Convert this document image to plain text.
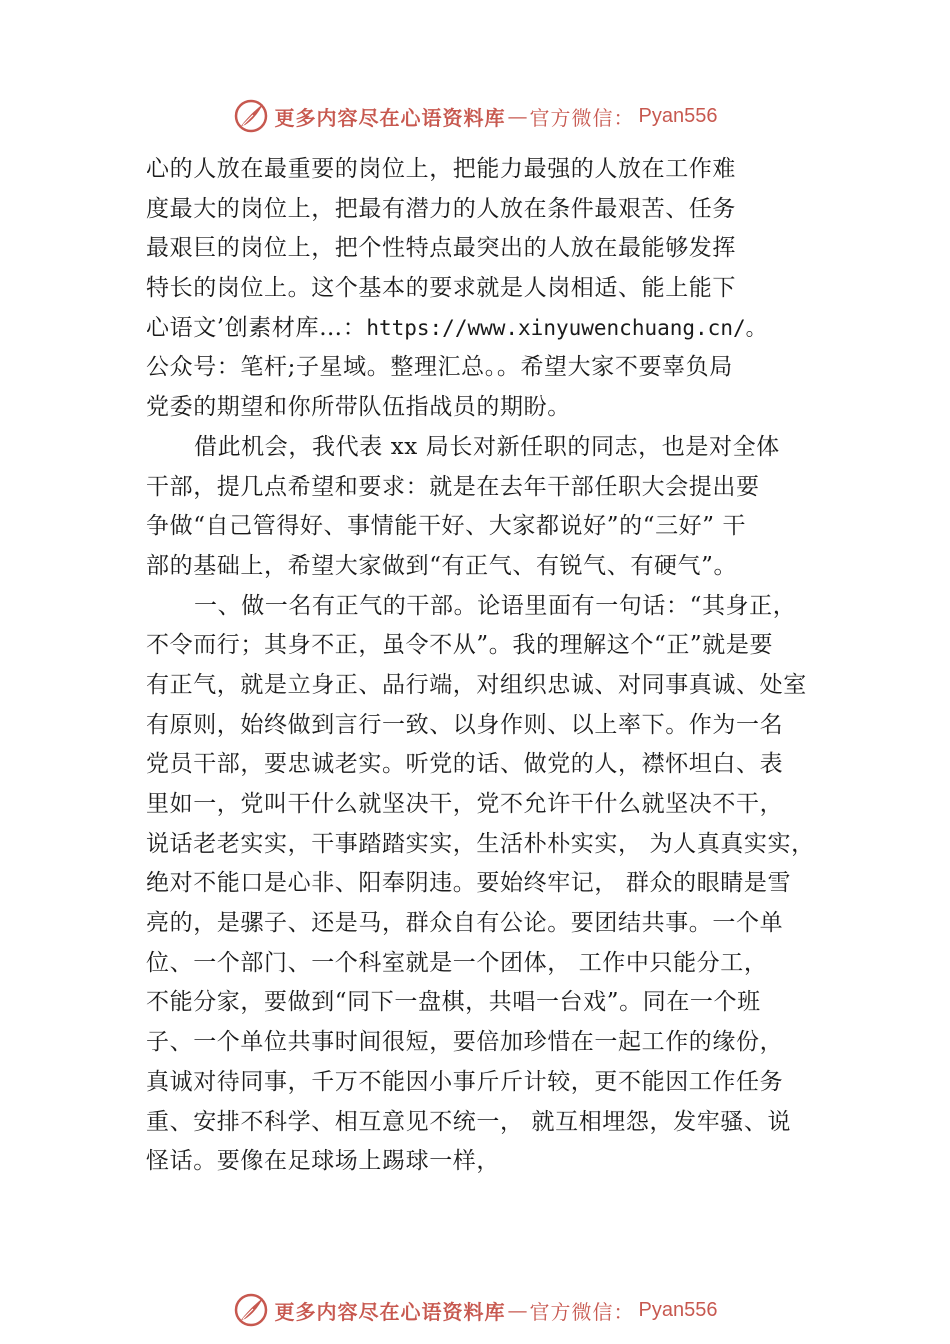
更多内容尽在心语资料库 — 官方微信： Pyan556
心的人放在最重要的岗位上，把能力最强的人放在工作难
度最大的岗位上，把最有潜力的人放在条件最艰苦、任务
最艰巨的岗位上，把个性特点最突出的人放在最能够发挥
特长的岗位上。这个基本的要求就是人岗相适、能上能下
心语文’创素材库…：https://www.xinyuwenchuang.cn/。
公众号：笔杆;子星域。整理汇总。。希望大家不要辜负局
党委的期望和你所带队伍指战员的期盼。
借此机会，我代表 xx 局长对新任职的同志，也是对全体
干部，提几点希望和要求：就是在去年干部任职大会提出要
争做“自己管得好、事情能干好、大家都说好”的“三好” 干
部的基础上，希望大家做到“有正气、有锐气、有硬气”。
一、做一名有正气的干部。论语里面有一句话：“其身正，
不令而行；其身不正，虽令不从”。我的理解这个“正”就是要
有正气，就是立身正、品行端，对组织忠诚、对同事真诚、处室
有原则，始终做到言行一致、以身作则、以上率下。作为一名
党员干部，要忠诚老实。听党的话、做党的人，襟怀坦白、表
里如一，党叫干什么就坚决干，党不允许干什么就坚决不干，
说话老老实实，干事踏踏实实，生活朴朴实实， 为人真真实实，
绝对不能口是心非、阳奉阴违。要始终牢记， 群众的眼睛是雪
亮的，是骡子、还是马，群众自有公论。要团结共事。一个单
位、一个部门、一个科室就是一个团体， 工作中只能分工，
不能分家，要做到“同下一盘棋，共唱一台戏”。同在一个班
子、一个单位共事时间很短，要倍加珍惜在一起工作的缘份，
真诚对待同事，千万不能因小事斤斤计较，更不能因工作任务
重、安排不科学、相互意见不统一， 就互相埋怨，发牢骚、说
怪话。要像在足球场上踢球一样，
更多内容尽在心语资料库 — 官方微信： Pyan556
